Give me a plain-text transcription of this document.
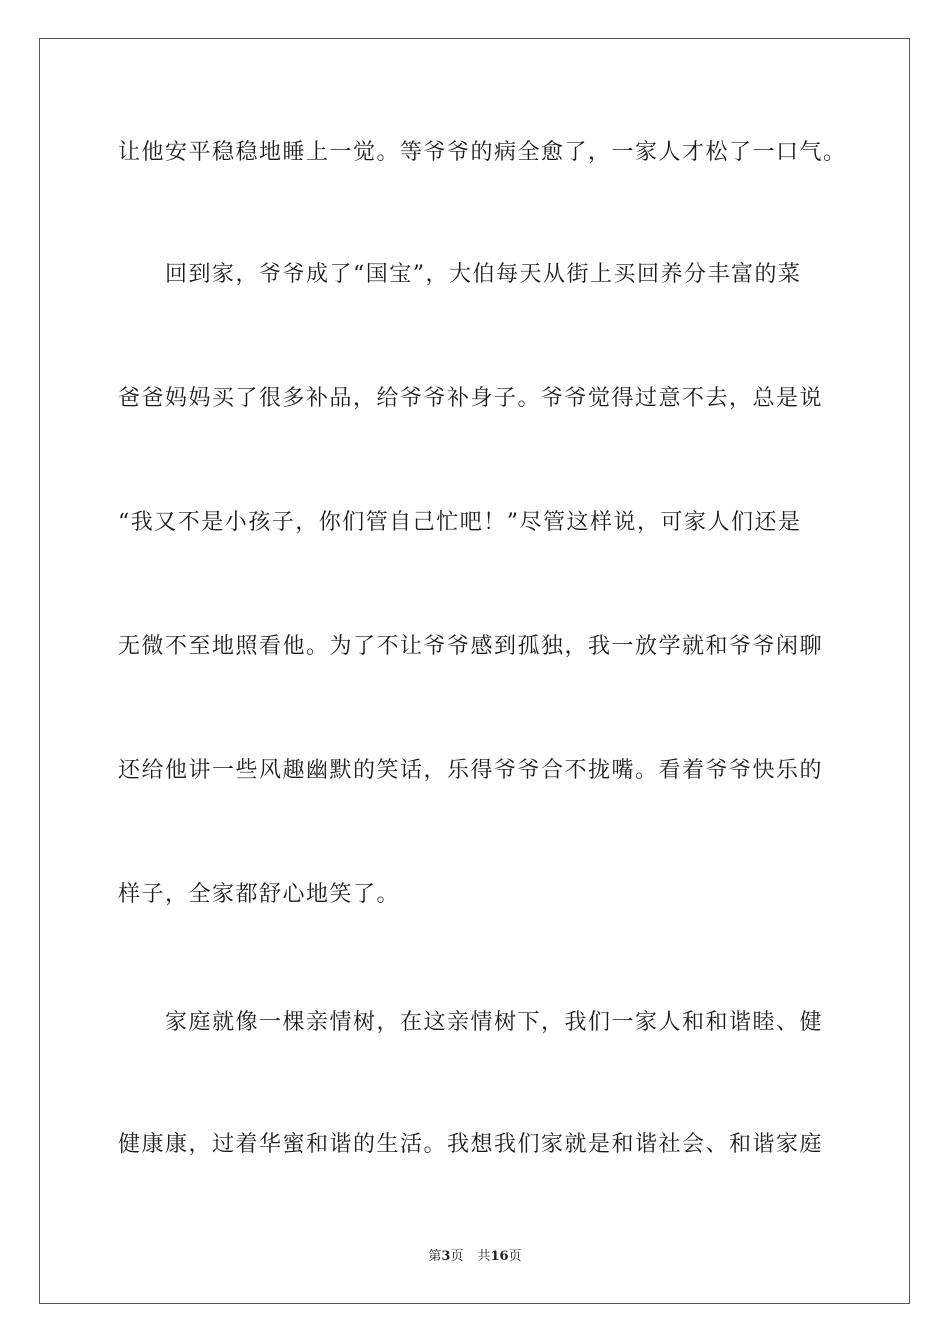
让他安平稳稳地睡上一觉。等爷爷的病全愈了，一家人才松了一口气。
回到家，爷爷成了“国宝”，大伯每天从街上买回养分丰富的菜
爸爸妈妈买了很多补品，给爷爷补身子。爷爷觉得过意不去，总是说
“我又不是小孩子，你们管自己忙吧！”尽管这样说，可家人们还是
无微不至地照看他。为了不让爷爷感到孤独，我一放学就和爷爷闲聊
还给他讲一些风趣幽默的笑话，乐得爷爷合不拢嘴。看着爷爷快乐的
样子，全家都舒心地笑了。
家庭就像一棵亲情树，在这亲情树下，我们一家人和和谐睦、健
健康康，过着华蜜和谐的生活。我想我们家就是和谐社会、和谐家庭
第3页 共16页
